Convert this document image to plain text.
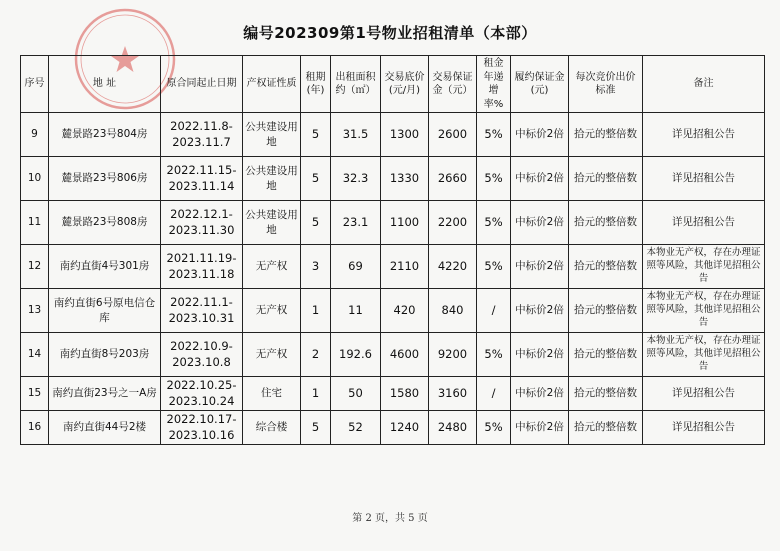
编号202309第1号物业招租清单（本部）
序号	地 址	原合同起止日期	产权证性质	租期(年)	出租面积约（㎡）	交易底价(元/月)	交易保证金（元）	租金年递增率%	履约保证金(元)	每次竞价出价标准	备注
9	麓景路23号804房	2022.11.8-2023.11.7	公共建设用地	5	31.5	1300	2600	5%	中标价2倍	拾元的整倍数	详见招租公告
10	麓景路23号806房	2022.11.15-2023.11.14	公共建设用地	5	32.3	1330	2660	5%	中标价2倍	拾元的整倍数	详见招租公告
11	麓景路23号808房	2022.12.1-2023.11.30	公共建设用地	5	23.1	1100	2200	5%	中标价2倍	拾元的整倍数	详见招租公告
12	南约直街4号301房	2021.11.19-2023.11.18	无产权	3	69	2110	4220	5%	中标价2倍	拾元的整倍数	本物业无产权，存在办理证照等风险，其他详见招租公告
13	南约直街6号原电信仓库	2022.11.1-2023.10.31	无产权	1	11	420	840	/	中标价2倍	拾元的整倍数	本物业无产权，存在办理证照等风险，其他详见招租公告
14	南约直街8号203房	2022.10.9-2023.10.8	无产权	2	192.6	4600	9200	5%	中标价2倍	拾元的整倍数	本物业无产权，存在办理证照等风险，其他详见招租公告
15	南约直街23号之一A房	2022.10.25-2023.10.24	住宅	1	50	1580	3160	/	中标价2倍	拾元的整倍数	详见招租公告
16	南约直街44号2楼	2022.10.17-2023.10.16	综合楼	5	52	1240	2480	5%	中标价2倍	拾元的整倍数	详见招租公告
第 2 页，共 5 页
